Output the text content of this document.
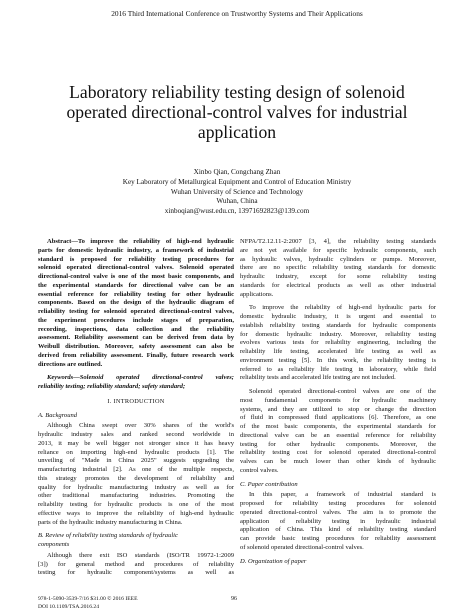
2016 Third International Conference on Trustworthy Systems and Their Applications
Laboratory reliability testing design of solenoid
operated directional-control valves for industrial
application
Xinbo Qian, Congchang Zhan
Key Laboratory of Metallurgical Equipment and Control of Education Ministry
Wuhan University of Science and Technology
Wuhan, China
xinboqian@wust.edu.cn, 13971692823@139.com
Abstract—To improve the reliability of high-end hydraulic
parts for domestic hydraulic industry, a framework of industrial
standard is proposed for reliability testing procedures for
solenoid operated directional-control valves. Solenoid operated
directional-control valve is one of the most basic components, and
the experimental standards for directional valve can be an
essential reference for reliability testing for other hydraulic
components. Based on the design of the hydraulic diagram of
reliability testing for solenoid operated directional-control valves,
the experiment procedures include stages of preparation,
recording, inspections, data collection and the reliability
assessment. Reliability assessment can be derived from data by
Weibull distribution. Moreover, safety assessment can also be
derived from reliability assessment. Finally, future research work
directions are outlined.
Keywords—Solenoid operated directional-control valves;
reliability testing; reliability standard; safety standard;
I. INTRODUCTION
A. Background
Although China swept over 30% shares of the world's
hydraulic industry sales and ranked second worldwide in
2013, it may be well bigger not stronger since it has heavy
reliance on importing high-end hydraulic products [1]. The
unveiling of "Made in China 2025" suggests upgrading the
manufacturing industrial [2]. As one of the multiple respects,
this strategy promotes the development of reliability and
quality for hydraulic manufacturing industry as well as for
other traditional manufacturing industries. Promoting the
reliability testing for hydraulic products is one of the most
effective ways to improve the reliability of high-end hydraulic
parts of the hydraulic industry manufacturing in China.
B. Review of reliability testing standards of hydraulic
components
Although there exit ISO standards (ISO/TR 19972-1:2009
[3]) for general method and procedures of reliability
testing for hydraulic component/systems as well as
NFPA/T2.12.11-2:2007 [3, 4], the reliability testing standards
are not yet available for specific hydraulic components, such
as hydraulic valves, hydraulic cylinders or pumps. Moreover,
there are no specific reliability testing standards for domestic
hydraulic industry, except for some reliability testing
standards for electrical products as well as other industrial
applications.
To improve the reliability of high-end hydraulic parts for
domestic hydraulic industry, it is urgent and essential to
establish reliability testing standards for hydraulic components
for domestic hydraulic industry. Moreover, reliability testing
evolves various tests for reliability engineering, including the
reliability life testing, accelerated life testing as well as
environment testing [5]. In this work, the reliability testing is
referred to as reliability life testing in laboratory, while field
reliability tests and accelerated life testing are not included.
Solenoid operated directional-control valves are one of the
most fundamental components for hydraulic machinery
systems, and they are utilized to stop or change the direction
of fluid in compressed fluid applications [6]. Therefore, as one
of the most basic components, the experimental standards for
directional valve can be an essential reference for reliability
testing for other hydraulic components. Moreover, the
reliability testing cost for solenoid operated directional-control
valves can be much lower than other kinds of hydraulic
control valves.
C. Paper contribution
In this paper, a framework of industrial standard is
proposed for reliability testing procedures for solenoid
operated directional-control valves. The aim is to promote the
application of reliability testing in hydraulic industrial
application of China. This kind of reliability testing standard
can provide basic testing procedures for reliability assessment
of solenoid operated directional-control valves.
D. Organization of paper
978-1-5090-3539-7/16 $31.00 © 2016 IEEE
DOI 10.1109/TSA.2016.24
96
